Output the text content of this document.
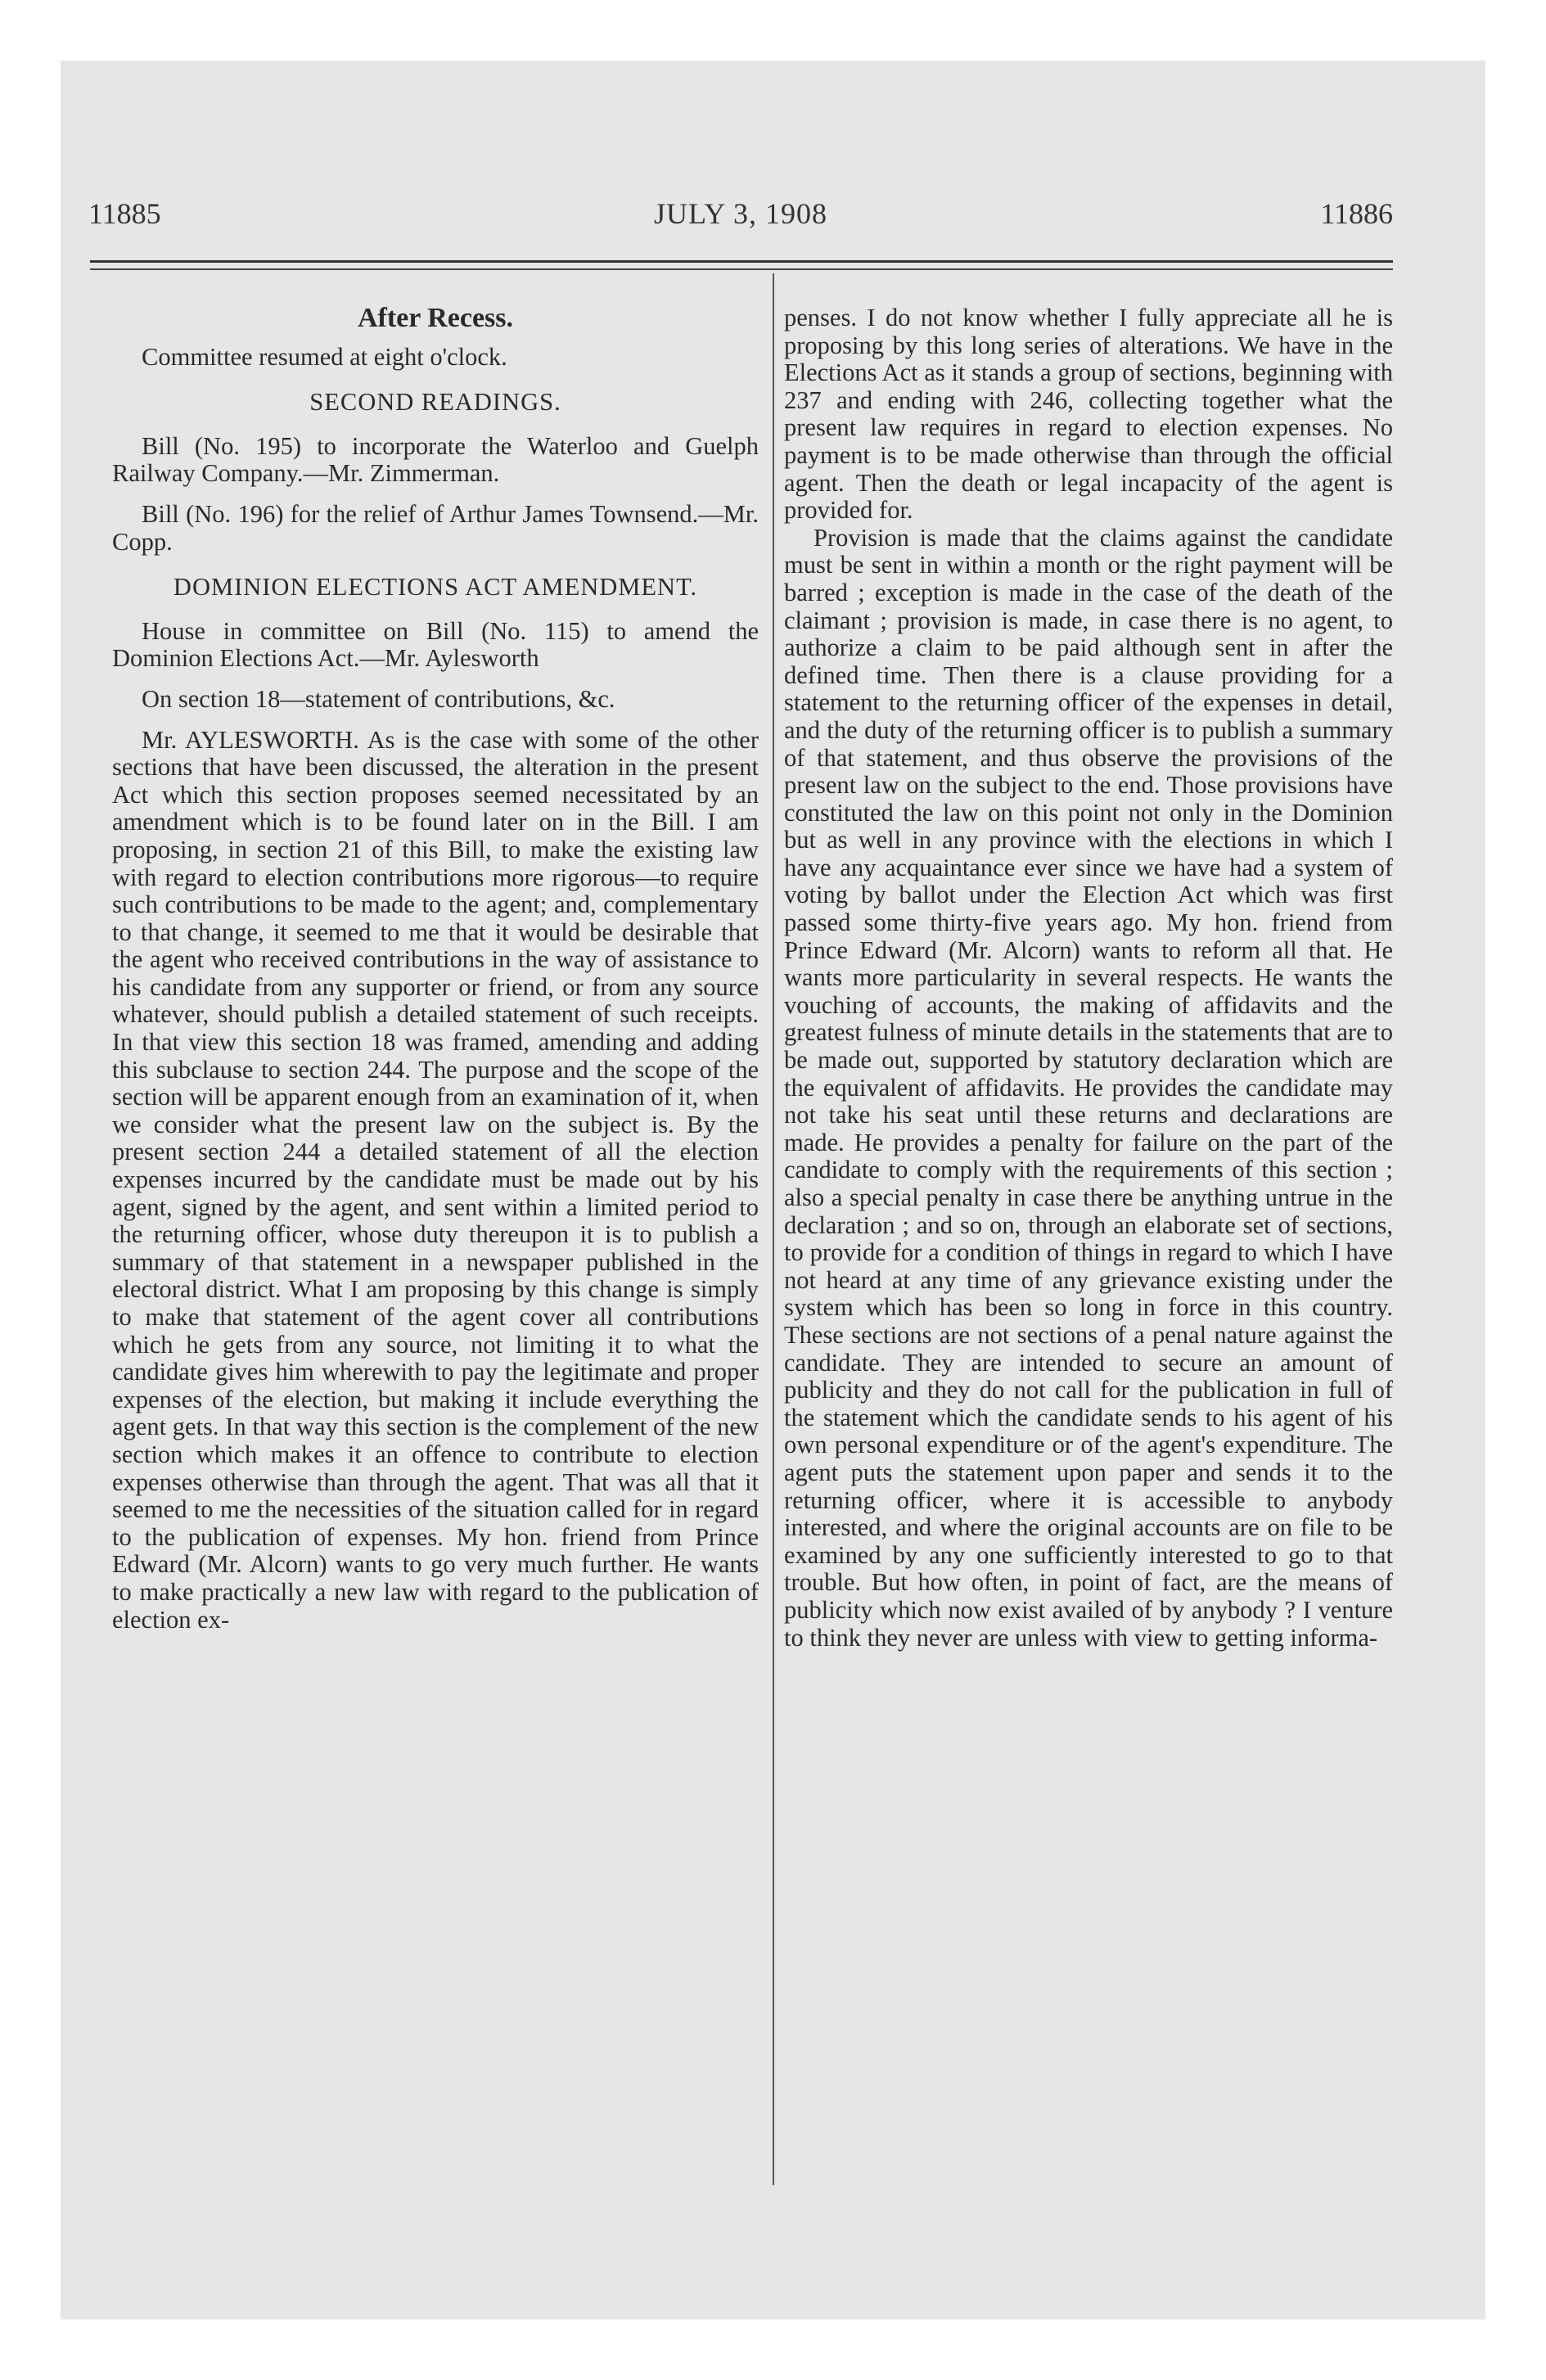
11885	JULY 3, 1908	11886

After Recess.

Committee resumed at eight o'clock.

SECOND READINGS.

Bill (No. 195) to incorporate the Waterloo and Guelph Railway Company.—Mr. Zimmerman.

Bill (No. 196) for the relief of Arthur James Townsend.—Mr. Copp.

DOMINION ELECTIONS ACT AMENDMENT.

House in committee on Bill (No. 115) to amend the Dominion Elections Act.—Mr. Aylesworth

On section 18—statement of contributions, &c.

Mr. AYLESWORTH. As is the case with some of the other sections that have been discussed, the alteration in the present Act which this section proposes seemed necessitated by an amendment which is to be found later on in the Bill. I am proposing, in section 21 of this Bill, to make the existing law with regard to election contributions more rigorous—to require such contributions to be made to the agent; and, complementary to that change, it seemed to me that it would be desirable that the agent who received contributions in the way of assistance to his candidate from any supporter or friend, or from any source whatever, should publish a detailed statement of such receipts. In that view this section 18 was framed, amending and adding this subclause to section 244. The purpose and the scope of the section will be apparent enough from an examination of it, when we consider what the present law on the subject is. By the present section 244 a detailed statement of all the election expenses incurred by the candidate must be made out by his agent, signed by the agent, and sent within a limited period to the returning officer, whose duty thereupon it is to publish a summary of that statement in a newspaper published in the electoral district. What I am proposing by this change is simply to make that statement of the agent cover all contributions which he gets from any source, not limiting it to what the candidate gives him wherewith to pay the legitimate and proper expenses of the election, but making it include everything the agent gets. In that way this section is the complement of the new section which makes it an offence to contribute to election expenses otherwise than through the agent. That was all that it seemed to me the necessities of the situation called for in regard to the publication of expenses. My hon. friend from Prince Edward (Mr. Alcorn) wants to go very much further. He wants to make practically a new law with regard to the publication of election ex-

penses. I do not know whether I fully appreciate all he is proposing by this long series of alterations. We have in the Elections Act as it stands a group of sections, beginning with 237 and ending with 246, collecting together what the present law requires in regard to election expenses. No payment is to be made otherwise than through the official agent. Then the death or legal incapacity of the agent is provided for.

Provision is made that the claims against the candidate must be sent in within a month or the right payment will be barred ; exception is made in the case of the death of the claimant ; provision is made, in case there is no agent, to authorize a claim to be paid although sent in after the defined time. Then there is a clause providing for a statement to the returning officer of the expenses in detail, and the duty of the returning officer is to publish a summary of that statement, and thus observe the provisions of the present law on the subject to the end. Those provisions have constituted the law on this point not only in the Dominion but as well in any province with the elections in which I have any acquaintance ever since we have had a system of voting by ballot under the Election Act which was first passed some thirty-five years ago. My hon. friend from Prince Edward (Mr. Alcorn) wants to reform all that. He wants more particularity in several respects. He wants the vouching of accounts, the making of affidavits and the greatest fulness of minute details in the statements that are to be made out, supported by statutory declaration which are the equivalent of affidavits. He provides the candidate may not take his seat until these returns and declarations are made. He provides a penalty for failure on the part of the candidate to comply with the requirements of this section ; also a special penalty in case there be anything untrue in the declaration ; and so on, through an elaborate set of sections, to provide for a condition of things in regard to which I have not heard at any time of any grievance existing under the system which has been so long in force in this country. These sections are not sections of a penal nature against the candidate. They are intended to secure an amount of publicity and they do not call for the publication in full of the statement which the candidate sends to his agent of his own personal expenditure or of the agent's expenditure. The agent puts the statement upon paper and sends it to the returning officer, where it is accessible to anybody interested, and where the original accounts are on file to be examined by any one sufficiently interested to go to that trouble. But how often, in point of fact, are the means of publicity which now exist availed of by anybody ? I venture to think they never are unless with view to getting informa-
